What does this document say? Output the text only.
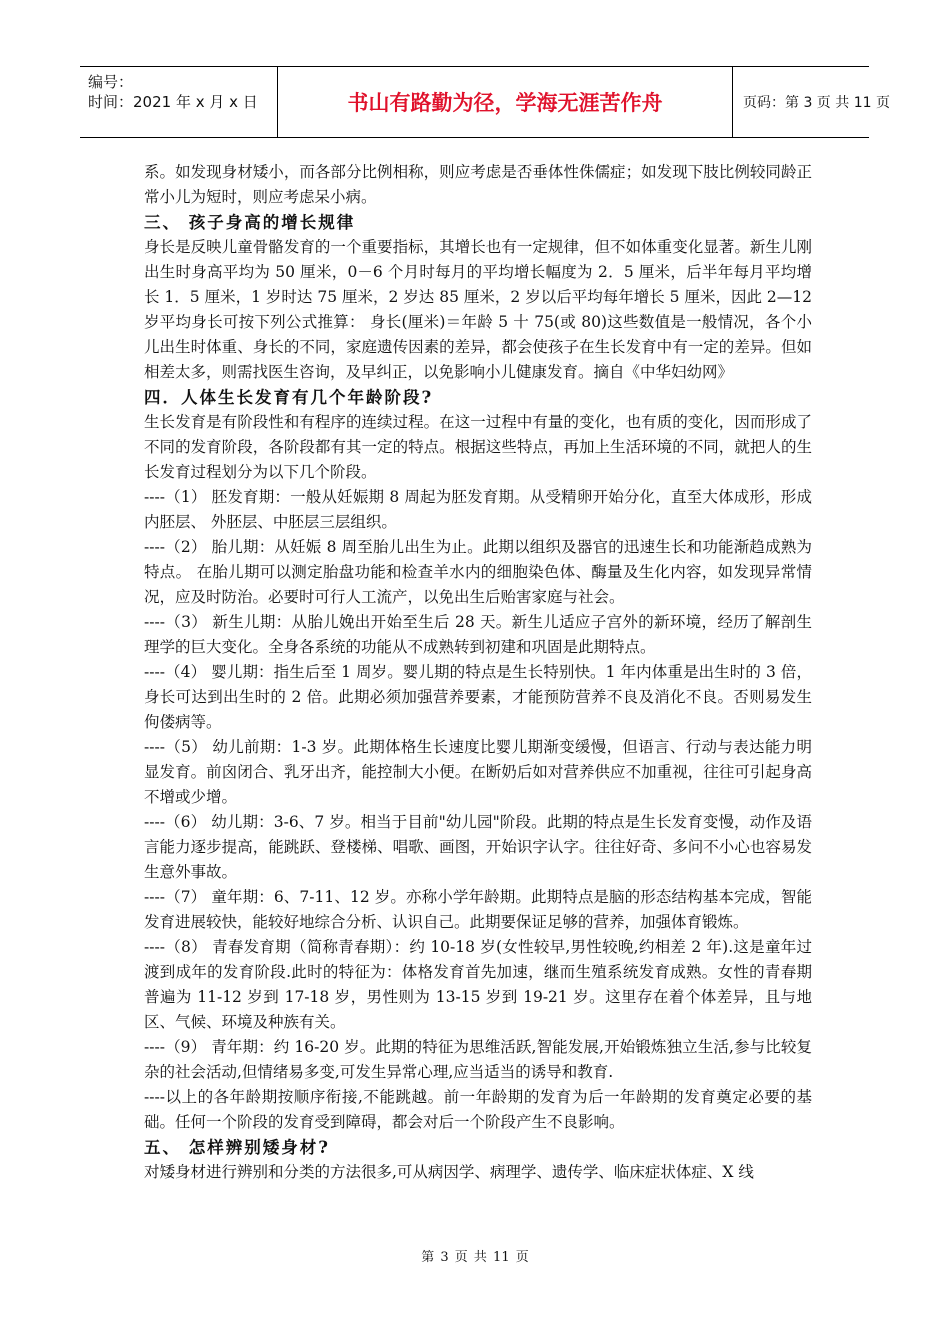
编号：
时间：2021 年 x 月 x 日	书山有路勤为径，学海无涯苦作舟	页码：第 3 页 共 11 页

系。如发现身材矮小，而各部分比例相称，则应考虑是否垂体性侏儒症；如发现下肢比例较同龄正常小儿为短时，则应考虑呆小病。

三、 孩子身高的增长规律

身长是反映儿童骨骼发育的一个重要指标，其增长也有一定规律，但不如体重变化显著。新生儿刚出生时身高平均为 50 厘米，0－6 个月时每月的平均增长幅度为 2．5 厘米，后半年每月平均增长 1．5 厘米，1 岁时达 75 厘米，2 岁达 85 厘米，2 岁以后平均每年增长 5 厘米，因此 2—12 岁平均身长可按下列公式推算： 身长(厘米)＝年龄 5 十 75(或 80)这些数值是一般情况，各个小儿出生时体重、身长的不同，家庭遗传因素的差异，都会使孩子在生长发育中有一定的差异。但如相差太多，则需找医生咨询，及早纠正，以免影响小儿健康发育。摘自《中华妇幼网》

四．人体生长发育有几个年龄阶段?

生长发育是有阶段性和有程序的连续过程。在这一过程中有量的变化，也有质的变化，因而形成了不同的发育阶段，各阶段都有其一定的特点。根据这些特点，再加上生活环境的不同，就把人的生长发育过程划分为以下几个阶段。

----（1） 胚发育期：一般从妊娠期 8 周起为胚发育期。从受精卵开始分化，直至大体成形，形成内胚层、 外胚层、中胚层三层组织。

----（2） 胎儿期：从妊娠 8 周至胎儿出生为止。此期以组织及器官的迅速生长和功能渐趋成熟为特点。 在胎儿期可以测定胎盘功能和检查羊水内的细胞染色体、酶量及生化内容，如发现异常情况，应及时防治。必要时可行人工流产，以免出生后贻害家庭与社会。

----（3） 新生儿期：从胎儿娩出开始至生后 28 天。新生儿适应子宫外的新环境，经历了解剖生理学的巨大变化。全身各系统的功能从不成熟转到初建和巩固是此期特点。

----（4） 婴儿期：指生后至 1 周岁。婴儿期的特点是生长特别快。1 年内体重是出生时的 3 倍，身长可达到出生时的 2 倍。此期必须加强营养要素，才能预防营养不良及消化不良。否则易发生佝偻病等。

----（5） 幼儿前期：1-3 岁。此期体格生长速度比婴儿期渐变缓慢，但语言、行动与表达能力明显发育。前囟闭合、乳牙出齐，能控制大小便。在断奶后如对营养供应不加重视，往往可引起身高不增或少增。

----（6） 幼儿期：3-6、7 岁。相当于目前"幼儿园"阶段。此期的特点是生长发育变慢，动作及语言能力逐步提高，能跳跃、登楼梯、唱歌、画图，开始识字认字。往往好奇、多问不小心也容易发生意外事故。

----（7） 童年期：6、7-11、12 岁。亦称小学年龄期。此期特点是脑的形态结构基本完成，智能发育进展较快，能较好地综合分析、认识自己。此期要保证足够的营养，加强体育锻炼。

----（8） 青春发育期（简称青春期）：约 10-18 岁(女性较早,男性较晚,约相差 2 年).这是童年过渡到成年的发育阶段.此时的特征为：体格发育首先加速，继而生殖系统发育成熟。女性的青春期普遍为 11-12 岁到 17-18 岁，男性则为 13-15 岁到 19-21 岁。这里存在着个体差异，且与地区、气候、环境及种族有关。

----（9） 青年期：约 16-20 岁。此期的特征为思维活跃,智能发展,开始锻炼独立生活,参与比较复杂的社会活动,但情绪易多变,可发生异常心理,应当适当的诱导和教育.

----以上的各年龄期按顺序衔接,不能跳越。前一年龄期的发育为后一年龄期的发育奠定必要的基础。任何一个阶段的发育受到障碍，都会对后一个阶段产生不良影响。

五、 怎样辨别矮身材?

对矮身材进行辨别和分类的方法很多,可从病因学、病理学、遗传学、临床症状体症、X 线

第 3 页 共 11 页
